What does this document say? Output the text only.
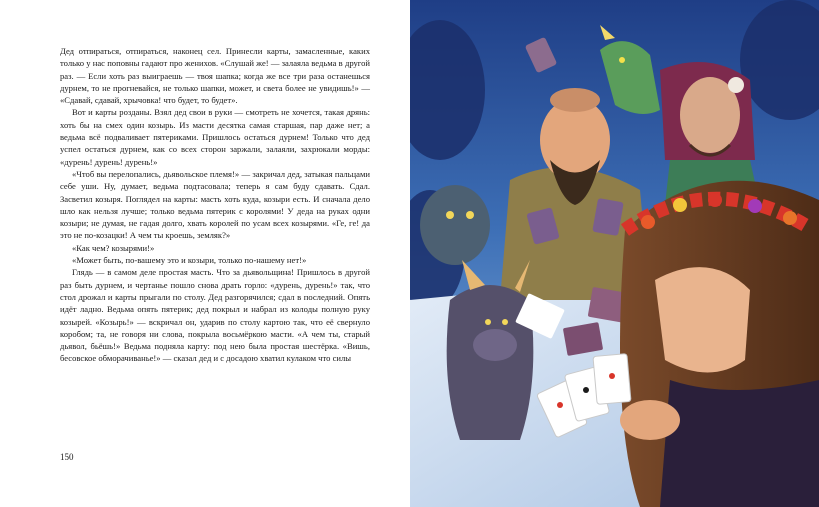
Дед отпираться, отпираться, наконец сел. Принесли карты, замасленные, каких только у нас поповны гадают про женихов. «Слушай же! — залаяла ведьма в другой раз. — Если хоть раз выиграешь — твоя шапка; когда же все три раза останешься дурнем, то не прогневайся, не только шапки, может, и света более не увидишь!» — «Сдавай, сдавай, хрычовка! что будет, то будет».

Вот и карты розданы. Взял дед свои в руки — смотреть не хочется, такая дрянь: хоть бы на смех один козырь. Из масти десятка самая старшая, пар даже нет; а ведьма всё подваливает пятериками. Пришлось остаться дурнем! Только что дед успел остаться дурнем, как со всех сторон заржали, залаяли, захрюкали морды: «дурень! дурень! дурень!»

«Чтоб вы перелопались, дьявольское племя!» — закричал дед, затыкая пальцами себе уши. Ну, думает, ведьма подтасовала; теперь я сам буду сдавать. Сдал. Засветил козыря. Поглядел на карты: масть хоть куда, козыри есть. И сначала дело шло как нельзя лучше; только ведьма пятерик с королями! У деда на руках одни козыри; не думая, не гадая долго, хвать королей по усам всех козырями. «Ге, ге! да это не по-козацки! А чем ты кроешь, земляк?»

«Как чем? козырями!»

«Может быть, по-вашему это и козыри, только по-нашему нет!»

Глядь — в самом деле простая масть. Что за дьявольщина! Пришлось в другой раз быть дурнем, и чертанье пошло снова драть горло: «дурень, дурень!» так, что стол дрожал и карты прыгали по столу. Дед разгорячился; сдал в последний. Опять идёт ладно. Ведьма опять пятерик; дед покрыл и набрал из колоды полную руку козырей. «Козырь!» — вскричал он, ударив по столу картою так, что её свернуло коробом; та, не говоря ни слова, покрыла восьмёркою масти. «А чем ты, старый дьявол, бьёшь!» Ведьма подняла карту: под нею была простая шестёрка. «Вишь, бесовское обморачиванье!» — сказал дед и с досадою хватил кулаком что силы

150
